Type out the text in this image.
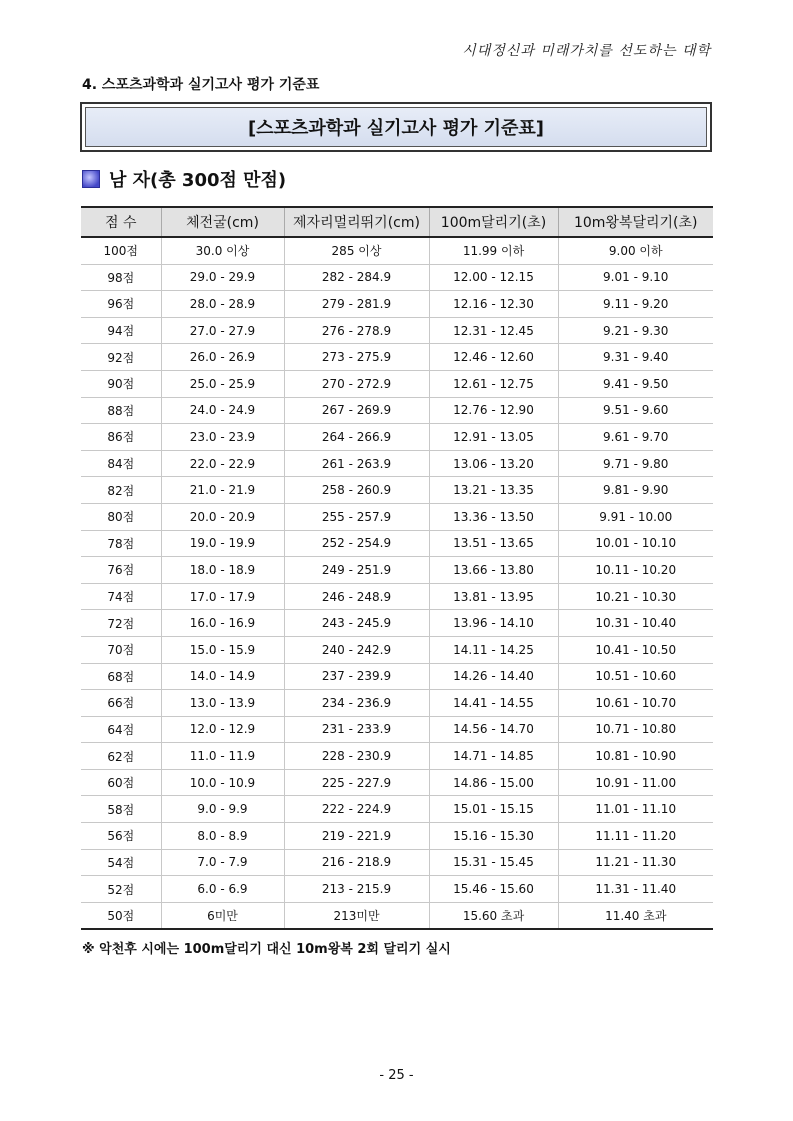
시대정신과 미래가치를 선도하는 대학
4. 스포츠과학과 실기고사 평가 기준표
[스포츠과학과 실기고사 평가 기준표]
남 자(총 300점 만점)
점 수	체전굴(cm)	제자리멀리뛰기(cm)	100m달리기(초)	10m왕복달리기(초)
100점	30.0 이상	285 이상	11.99 이하	9.00 이하
98점	29.0 - 29.9	282 - 284.9	12.00 - 12.15	9.01 - 9.10
96점	28.0 - 28.9	279 - 281.9	12.16 - 12.30	9.11 - 9.20
94점	27.0 - 27.9	276 - 278.9	12.31 - 12.45	9.21 - 9.30
92점	26.0 - 26.9	273 - 275.9	12.46 - 12.60	9.31 - 9.40
90점	25.0 - 25.9	270 - 272.9	12.61 - 12.75	9.41 - 9.50
88점	24.0 - 24.9	267 - 269.9	12.76 - 12.90	9.51 - 9.60
86점	23.0 - 23.9	264 - 266.9	12.91 - 13.05	9.61 - 9.70
84점	22.0 - 22.9	261 - 263.9	13.06 - 13.20	9.71 - 9.80
82점	21.0 - 21.9	258 - 260.9	13.21 - 13.35	9.81 - 9.90
80점	20.0 - 20.9	255 - 257.9	13.36 - 13.50	9.91 - 10.00
78점	19.0 - 19.9	252 - 254.9	13.51 - 13.65	10.01 - 10.10
76점	18.0 - 18.9	249 - 251.9	13.66 - 13.80	10.11 - 10.20
74점	17.0 - 17.9	246 - 248.9	13.81 - 13.95	10.21 - 10.30
72점	16.0 - 16.9	243 - 245.9	13.96 - 14.10	10.31 - 10.40
70점	15.0 - 15.9	240 - 242.9	14.11 - 14.25	10.41 - 10.50
68점	14.0 - 14.9	237 - 239.9	14.26 - 14.40	10.51 - 10.60
66점	13.0 - 13.9	234 - 236.9	14.41 - 14.55	10.61 - 10.70
64점	12.0 - 12.9	231 - 233.9	14.56 - 14.70	10.71 - 10.80
62점	11.0 - 11.9	228 - 230.9	14.71 - 14.85	10.81 - 10.90
60점	10.0 - 10.9	225 - 227.9	14.86 - 15.00	10.91 - 11.00
58점	9.0 - 9.9	222 - 224.9	15.01 - 15.15	11.01 - 11.10
56점	8.0 - 8.9	219 - 221.9	15.16 - 15.30	11.11 - 11.20
54점	7.0 - 7.9	216 - 218.9	15.31 - 15.45	11.21 - 11.30
52점	6.0 - 6.9	213 - 215.9	15.46 - 15.60	11.31 - 11.40
50점	6미만	213미만	15.60 초과	11.40 초과
※ 악천후 시에는 100m달리기 대신 10m왕복 2회 달리기 실시
- 25 -
